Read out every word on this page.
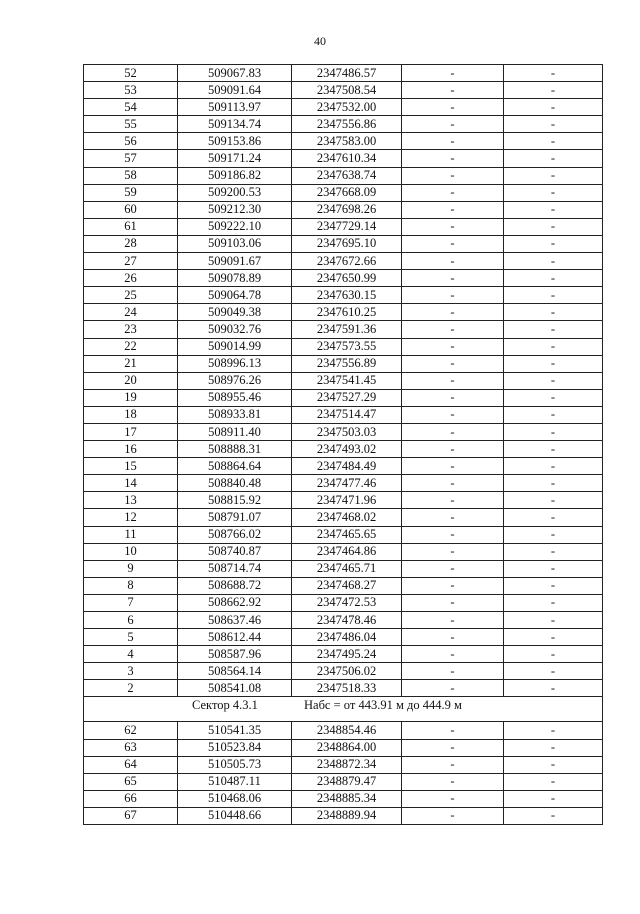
40
52	509067.83	2347486.57	-	-
53	509091.64	2347508.54	-	-
54	509113.97	2347532.00	-	-
55	509134.74	2347556.86	-	-
56	509153.86	2347583.00	-	-
57	509171.24	2347610.34	-	-
58	509186.82	2347638.74	-	-
59	509200.53	2347668.09	-	-
60	509212.30	2347698.26	-	-
61	509222.10	2347729.14	-	-
28	509103.06	2347695.10	-	-
27	509091.67	2347672.66	-	-
26	509078.89	2347650.99	-	-
25	509064.78	2347630.15	-	-
24	509049.38	2347610.25	-	-
23	509032.76	2347591.36	-	-
22	509014.99	2347573.55	-	-
21	508996.13	2347556.89	-	-
20	508976.26	2347541.45	-	-
19	508955.46	2347527.29	-	-
18	508933.81	2347514.47	-	-
17	508911.40	2347503.03	-	-
16	508888.31	2347493.02	-	-
15	508864.64	2347484.49	-	-
14	508840.48	2347477.46	-	-
13	508815.92	2347471.96	-	-
12	508791.07	2347468.02	-	-
11	508766.02	2347465.65	-	-
10	508740.87	2347464.86	-	-
9	508714.74	2347465.71	-	-
8	508688.72	2347468.27	-	-
7	508662.92	2347472.53	-	-
6	508637.46	2347478.46	-	-
5	508612.44	2347486.04	-	-
4	508587.96	2347495.24	-	-
3	508564.14	2347506.02	-	-
2	508541.08	2347518.33	-	-
Сектор 4.3.1 Набс = от 443.91 м до 444.9 м				
62	510541.35	2348854.46	-	-
63	510523.84	2348864.00	-	-
64	510505.73	2348872.34	-	-
65	510487.11	2348879.47	-	-
66	510468.06	2348885.34	-	-
67	510448.66	2348889.94	-	-
